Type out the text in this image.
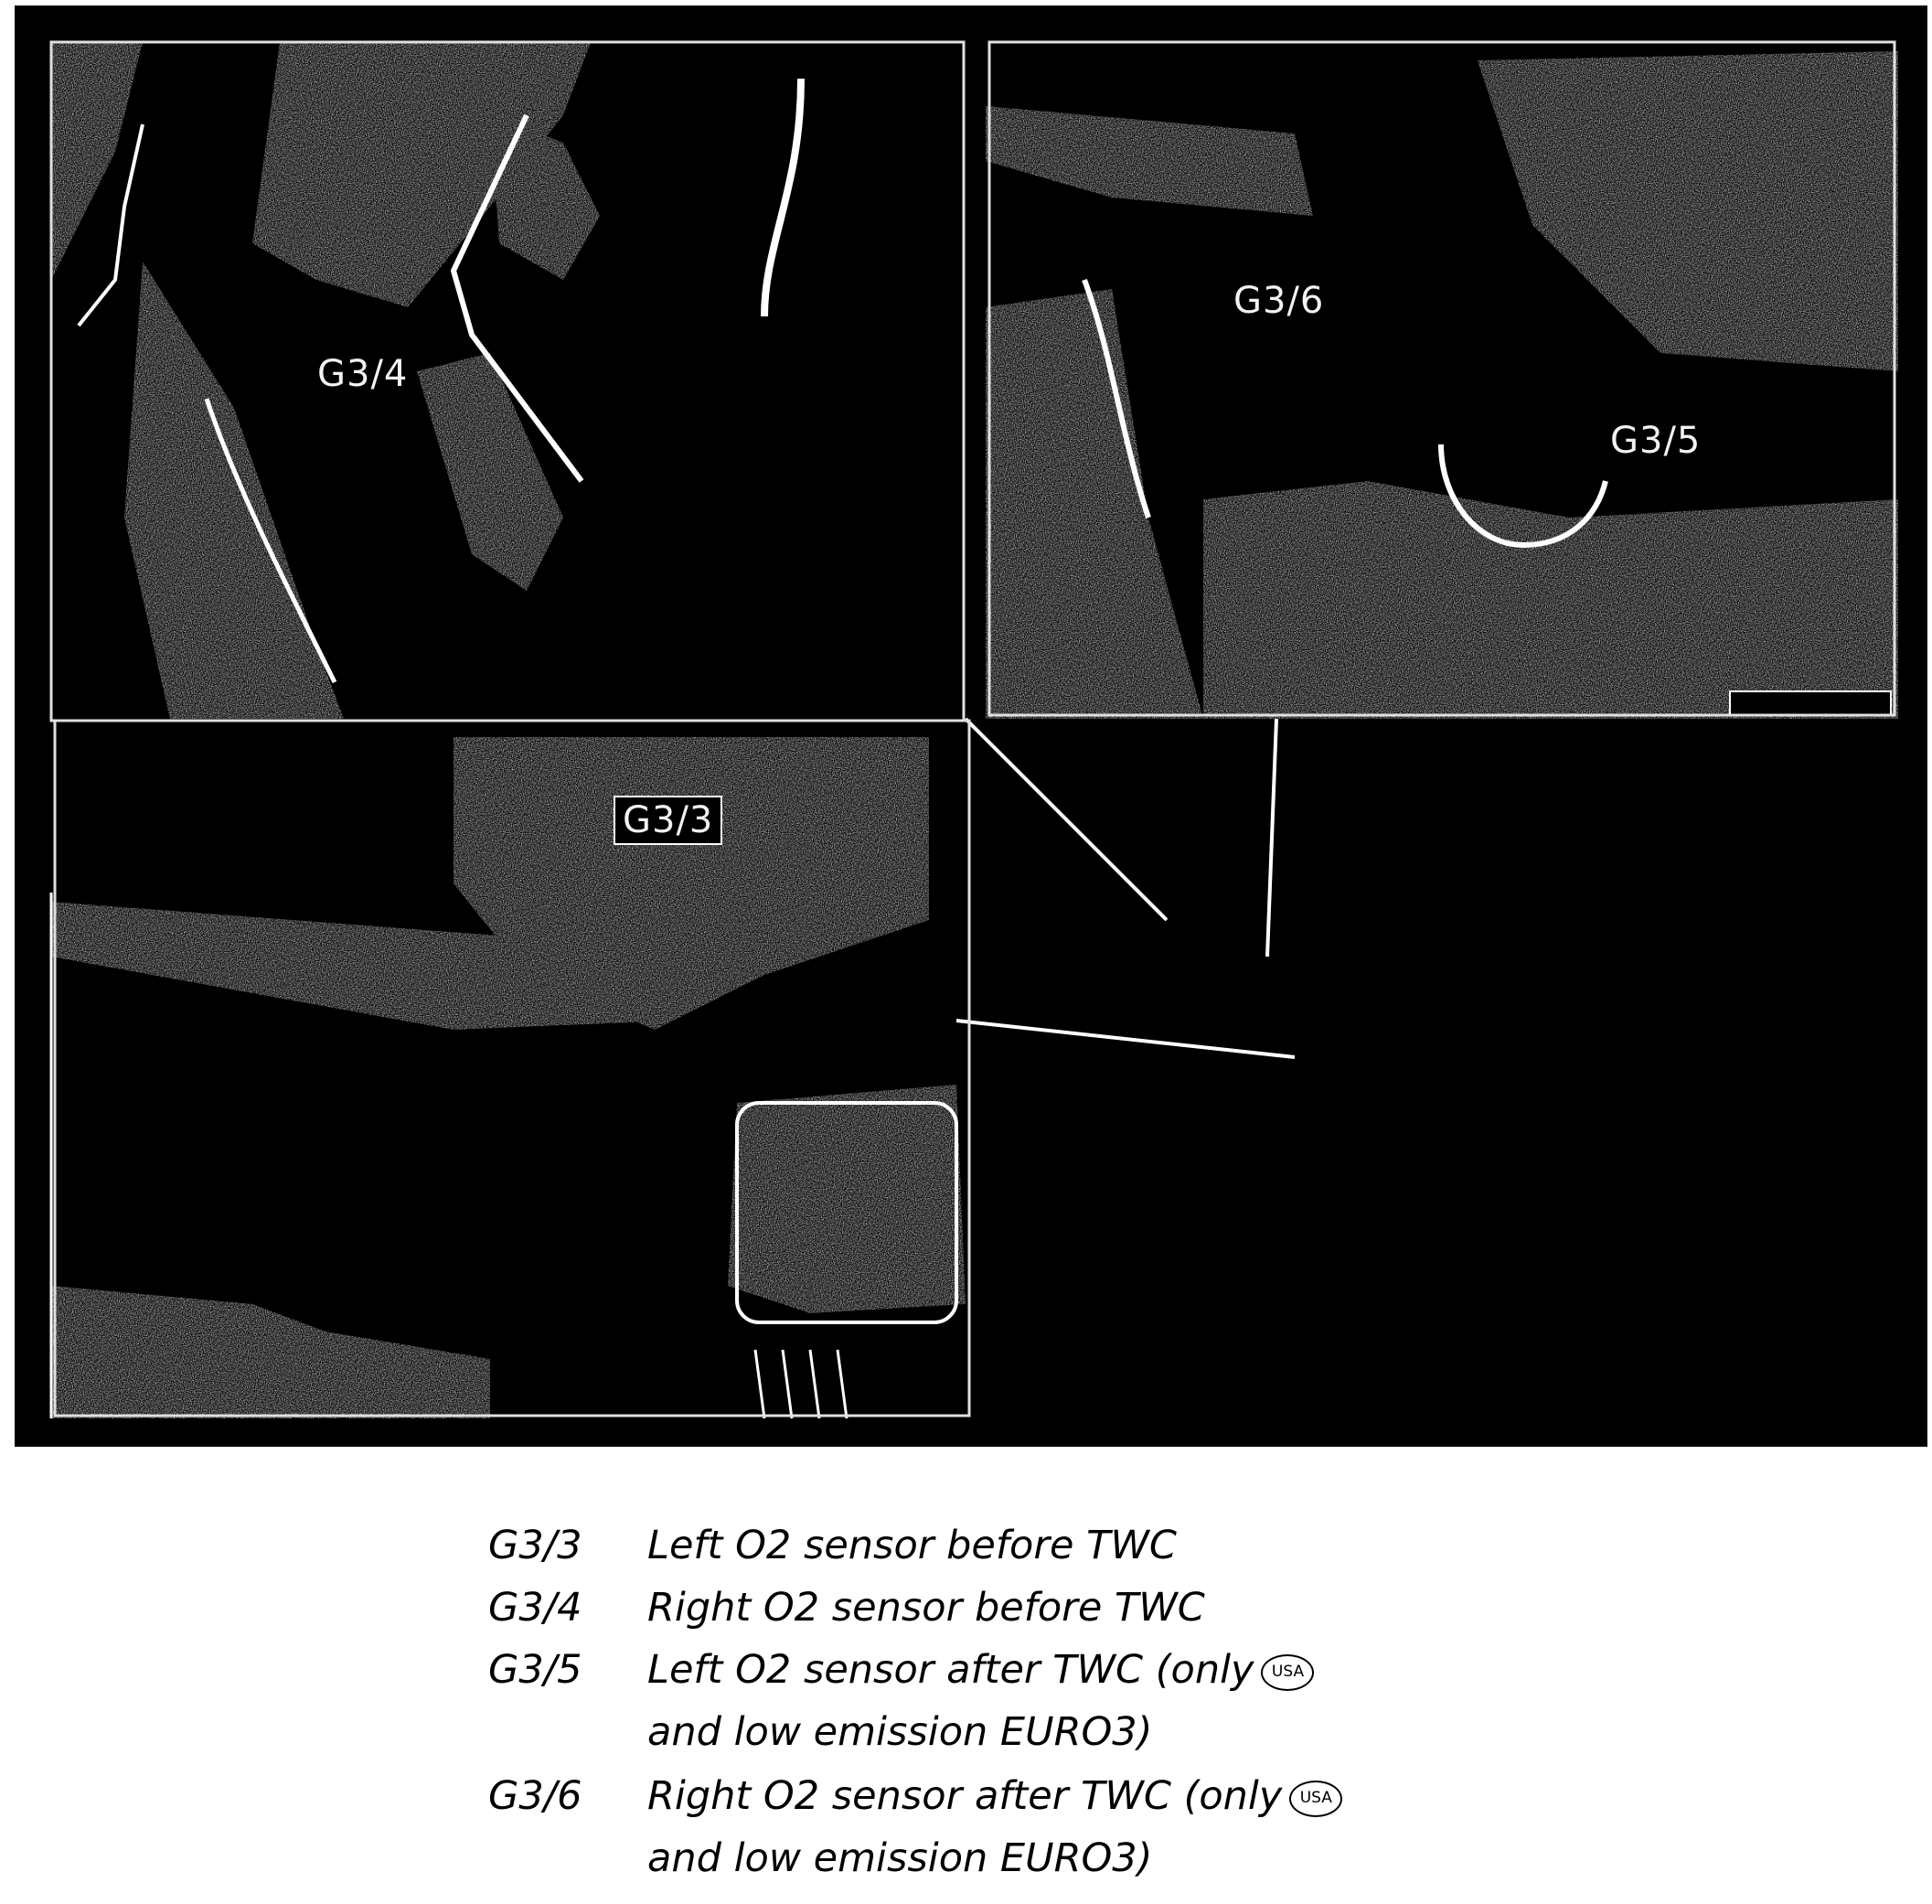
G3/4
G3/6
G3/5
G3/3
G3/3	Left O2 sensor before TWC
G3/4	Right O2 sensor before TWC
G3/5	Left O2 sensor after TWC (only USA
and low emission EURO3)
G3/6	Right O2 sensor after TWC (only USA
and low emission EURO3)
